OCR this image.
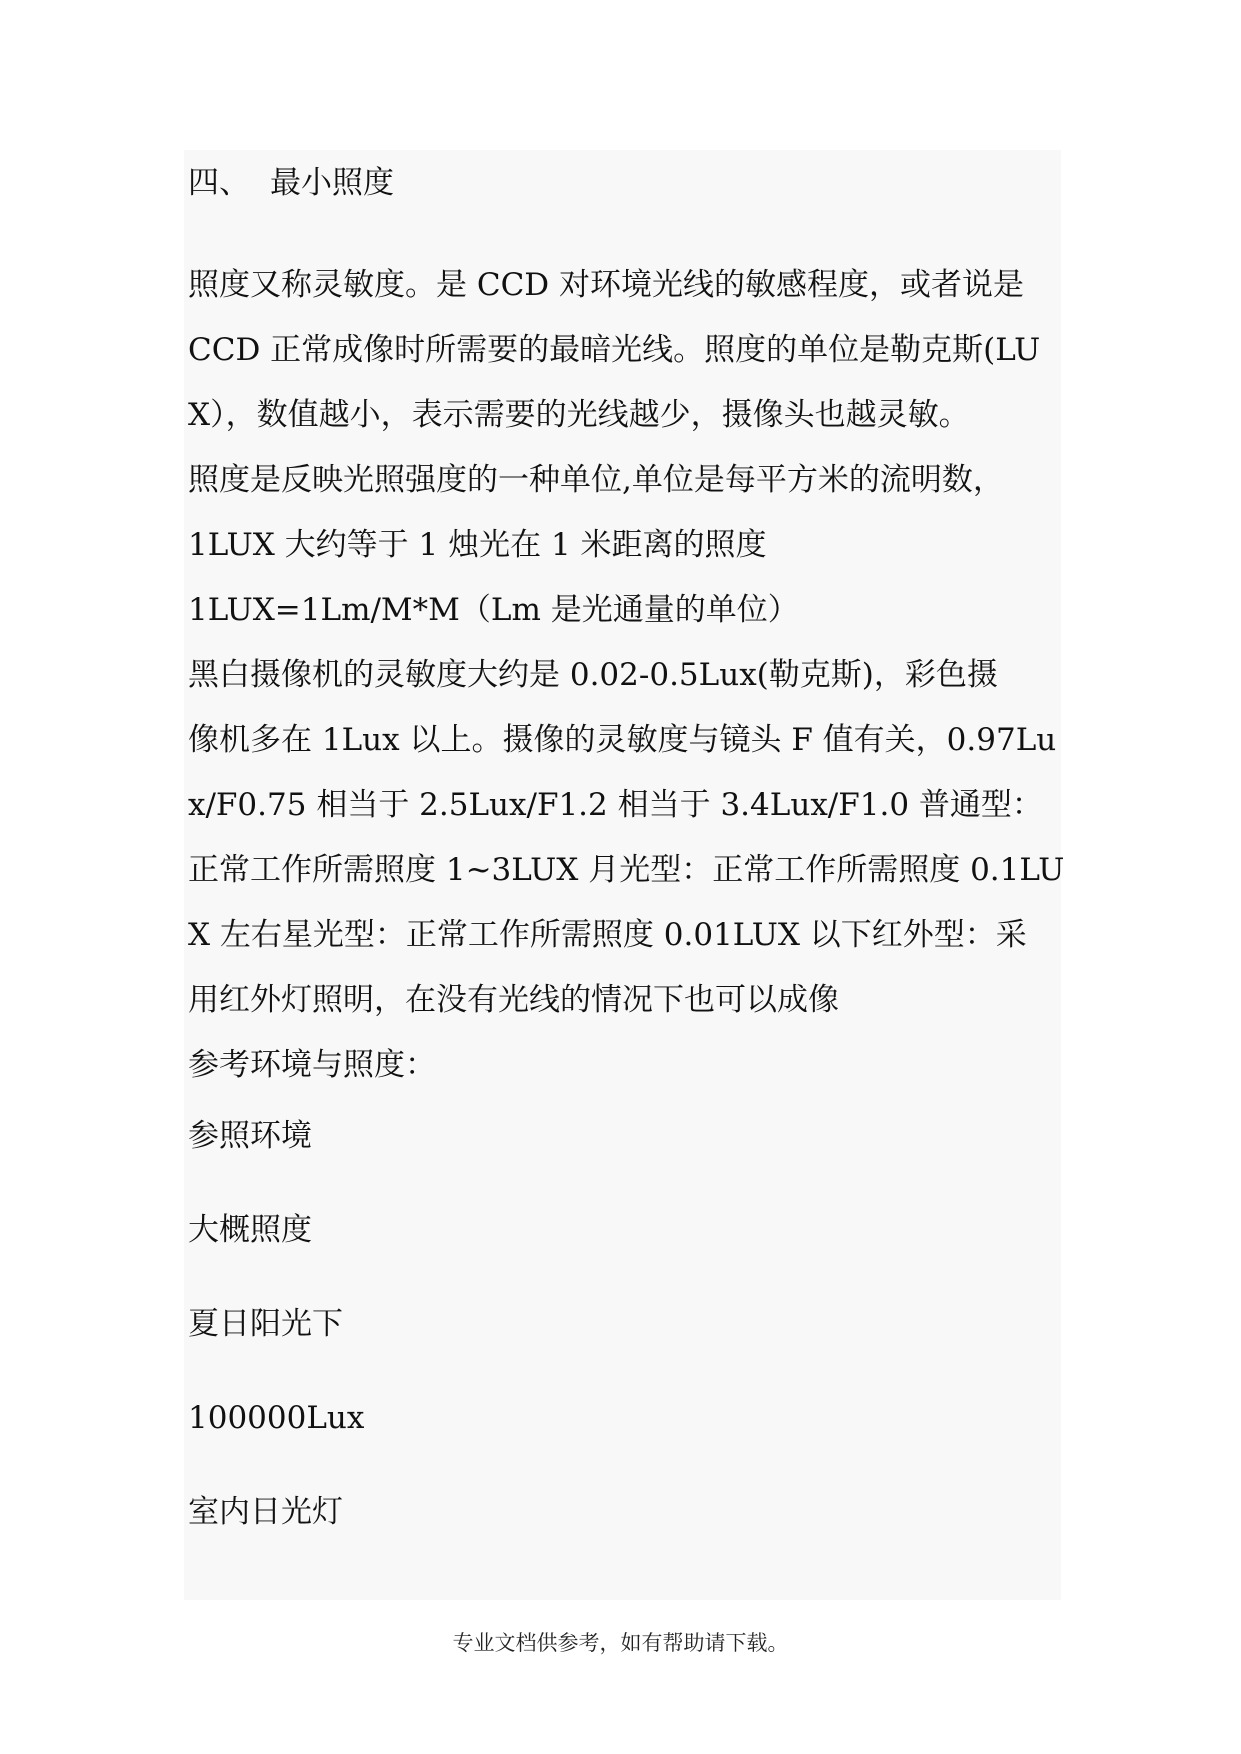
四、 最小照度
照度又称灵敏度。是 CCD 对环境光线的敏感程度，或者说是
CCD 正常成像时所需要的最暗光线。照度的单位是勒克斯(LU
X），数值越小，表示需要的光线越少，摄像头也越灵敏。
照度是反映光照强度的一种单位,单位是每平方米的流明数，
1LUX 大约等于 1 烛光在 1 米距离的照度
1LUX=1Lm/M*M（Lm 是光通量的单位）
黑白摄像机的灵敏度大约是 0.02-0.5Lux(勒克斯)，彩色摄
像机多在 1Lux 以上。摄像的灵敏度与镜头 F 值有关，0.97Lu
x/F0.75 相当于 2.5Lux/F1.2 相当于 3.4Lux/F1.0 普通型：
正常工作所需照度 1~3LUX 月光型：正常工作所需照度 0.1LU
X 左右星光型：正常工作所需照度 0.01LUX 以下红外型：采
用红外灯照明，在没有光线的情况下也可以成像
参考环境与照度：
参照环境
大概照度
夏日阳光下
100000Lux
室内日光灯
专业文档供参考，如有帮助请下载。
